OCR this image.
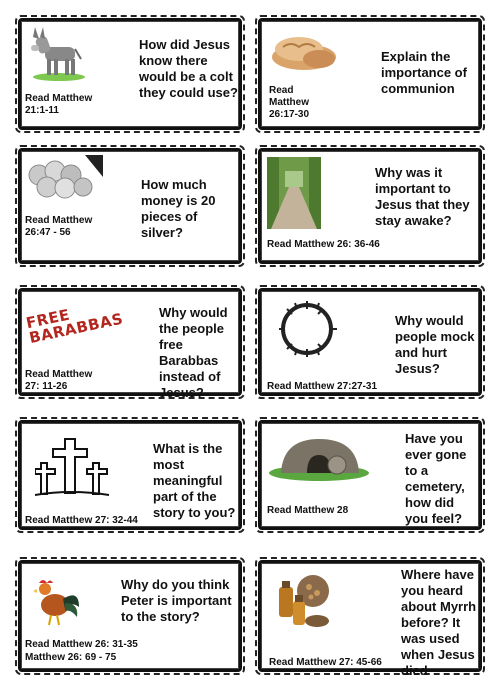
How did Jesus know there would be a colt they could use?
Read Matthew 21:1-11
Explain the importance of communion
Read Matthew 26:17-30
How much money is 20 pieces of silver?
Read Matthew 26:47 - 56
Why was it important to Jesus that they stay awake?
Read Matthew 26: 36-46
FREE BARABBAS	Why would the people free Barabbas instead of Jesus?
Read Matthew 27: 11-26
Why would people mock and hurt Jesus?
Read Matthew 27:27-31
What is the most meaningful part of the story to you?
Read Matthew 27: 32-44
Have you ever gone to a cemetery, how did you feel?
Read Matthew 28
Why do you think Peter is important to the story?
Read Matthew 26: 31-35
Matthew 26: 69 - 75
Where have you heard about Myrrh before? It was used when Jesus died
Read Matthew 27: 45-66
